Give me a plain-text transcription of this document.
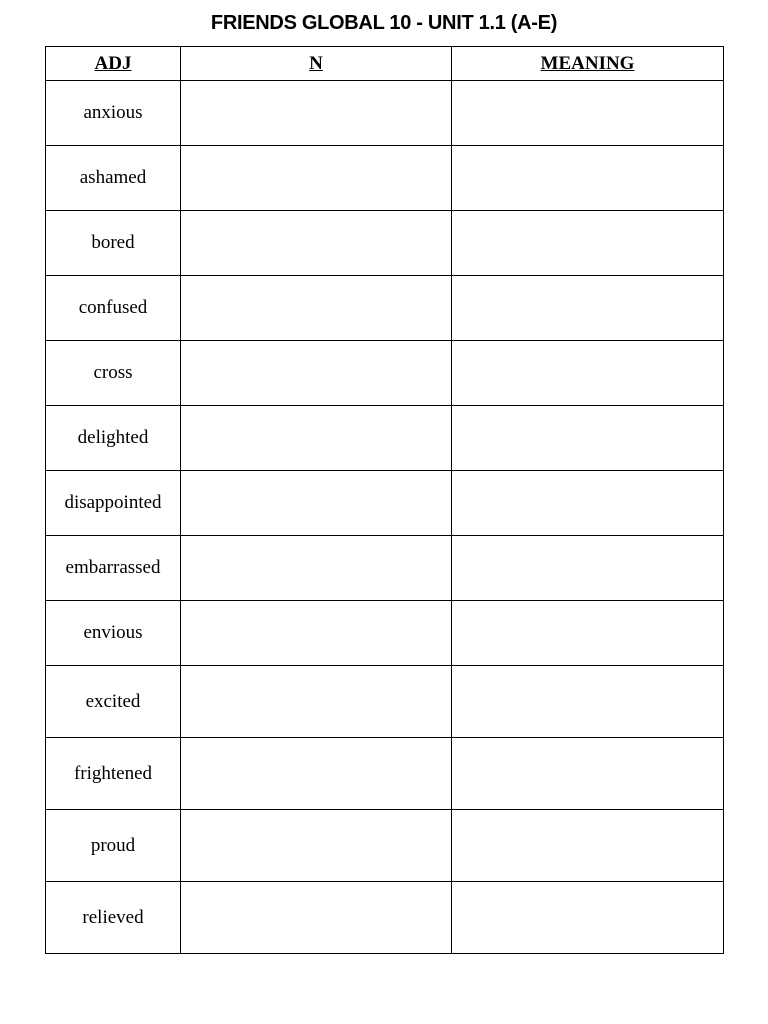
FRIENDS GLOBAL 10 - UNIT 1.1 (A-E)
ADJ	N	MEANING
anxious		
ashamed		
bored		
confused		
cross		
delighted		
disappointed		
embarrassed		
envious		
excited		
frightened		
proud		
relieved		
